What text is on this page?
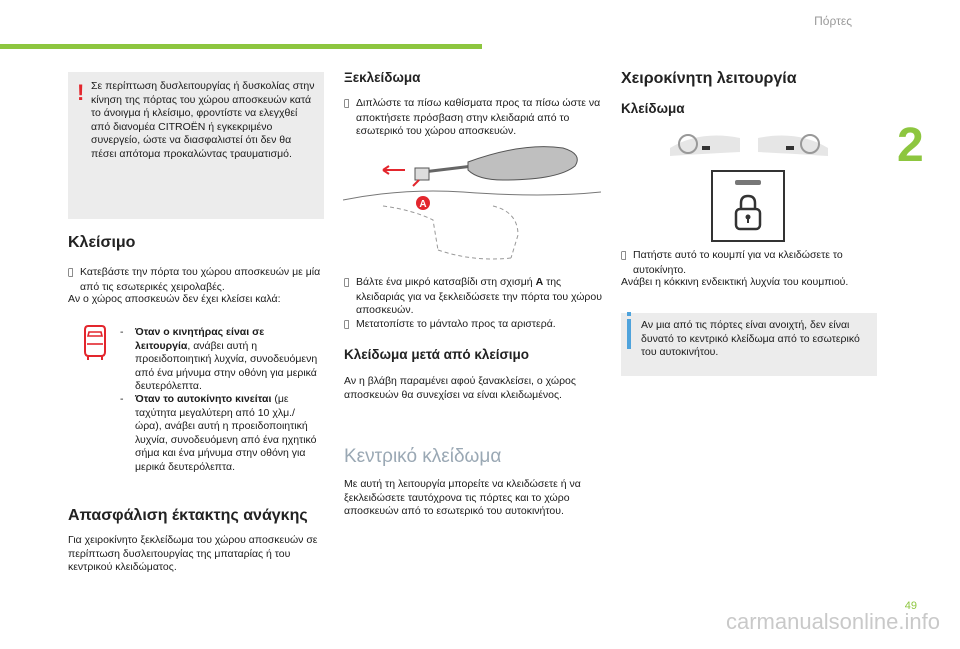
Πόρτες
2
49
carmanualsonline.info
! Σε περίπτωση δυσλειτουργίας ή δυσκολίας στην κίνηση της πόρτας του χώρου αποσκευών κατά το άνοιγμα ή κλείσιμο, φροντίστε να ελεγχθεί από διανομέα CITROËN ή εγκεκριμένο συνεργείο, ώστε να διασφαλιστεί ότι δεν θα πέσει απότομα προκαλώντας τραυματισμό.
Κλείσιμο
Κατεβάστε την πόρτα του χώρου αποσκευών με μία από τις εσωτερικές χειρολαβές.
Αν ο χώρος αποσκευών δεν έχει κλείσει καλά:
-	Όταν ο κινητήρας είναι σε λειτουργία, ανάβει αυτή η προειδοποιητική λυχνία, συνοδευόμενη από ένα μήνυμα στην οθόνη για μερικά δευτερόλεπτα.
-	Όταν το αυτοκίνητο κινείται (με ταχύτητα μεγαλύτερη από 10 χλμ./ώρα), ανάβει αυτή η προειδοποιητική λυχνία, συνοδευόμενη από ένα ηχητικό σήμα και ένα μήνυμα στην οθόνη για μερικά δευτερόλεπτα.
Απασφάλιση έκτακτης ανάγκης
Για χειροκίνητο ξεκλείδωμα του χώρου αποσκευών σε περίπτωση δυσλειτουργίας της μπαταρίας ή του κεντρικού κλειδώματος.
Ξεκλείδωμα
Διπλώστε τα πίσω καθίσματα προς τα πίσω ώστε να αποκτήσετε πρόσβαση στην κλειδαριά από το εσωτερικό του χώρου αποσκευών.
A
Βάλτε ένα μικρό κατσαβίδι στη σχισμή A της κλειδαριάς για να ξεκλειδώσετε την πόρτα του χώρου αποσκευών.
Μετατοπίστε το μάνταλο προς τα αριστερά.
Κλείδωμα μετά από κλείσιμο
Αν η βλάβη παραμένει αφού ξανακλείσει, ο χώρος αποσκευών θα συνεχίσει να είναι κλειδωμένος.
Κεντρικό κλείδωμα
Με αυτή τη λειτουργία μπορείτε να κλειδώσετε ή να ξεκλειδώσετε ταυτόχρονα τις πόρτες και το χώρο αποσκευών από το εσωτερικό του αυτοκινήτου.
Χειροκίνητη λειτουργία
Κλείδωμα
Πατήστε αυτό το κουμπί για να κλειδώσετε το αυτοκίνητο.
Ανάβει η κόκκινη ενδεικτική λυχνία του κουμπιού.
Αν μια από τις πόρτες είναι ανοιχτή, δεν είναι δυνατό το κεντρικό κλείδωμα από το εσωτερικό του αυτοκινήτου.
